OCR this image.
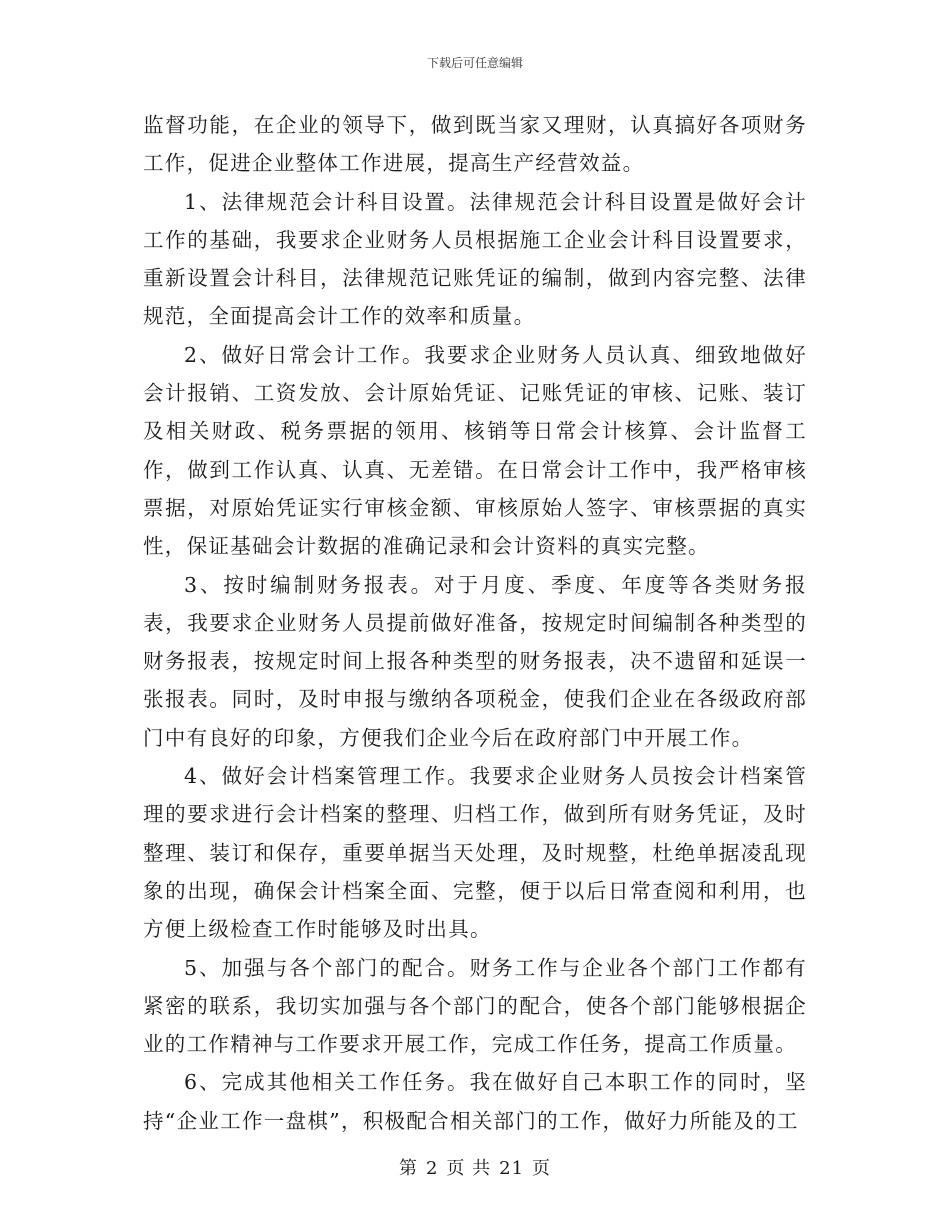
下载后可任意编辑

监督功能，在企业的领导下，做到既当家又理财，认真搞好各项财务工作，促进企业整体工作进展，提高生产经营效益。

1、法律规范会计科目设置。法律规范会计科目设置是做好会计工作的基础，我要求企业财务人员根据施工企业会计科目设置要求，重新设置会计科目，法律规范记账凭证的编制，做到内容完整、法律规范，全面提高会计工作的效率和质量。

2、做好日常会计工作。我要求企业财务人员认真、细致地做好会计报销、工资发放、会计原始凭证、记账凭证的审核、记账、装订及相关财政、税务票据的领用、核销等日常会计核算、会计监督工作，做到工作认真、认真、无差错。在日常会计工作中，我严格审核票据，对原始凭证实行审核金额、审核原始人签字、审核票据的真实性，保证基础会计数据的准确记录和会计资料的真实完整。

3、按时编制财务报表。对于月度、季度、年度等各类财务报表，我要求企业财务人员提前做好准备，按规定时间编制各种类型的财务报表，按规定时间上报各种类型的财务报表，决不遗留和延误一张报表。同时，及时申报与缴纳各项税金，使我们企业在各级政府部门中有良好的印象，方便我们企业今后在政府部门中开展工作。

4、做好会计档案管理工作。我要求企业财务人员按会计档案管理的要求进行会计档案的整理、归档工作，做到所有财务凭证，及时整理、装订和保存，重要单据当天处理，及时规整，杜绝单据凌乱现象的出现，确保会计档案全面、完整，便于以后日常查阅和利用，也方便上级检查工作时能够及时出具。

5、加强与各个部门的配合。财务工作与企业各个部门工作都有紧密的联系，我切实加强与各个部门的配合，使各个部门能够根据企业的工作精神与工作要求开展工作，完成工作任务，提高工作质量。

6、完成其他相关工作任务。我在做好自己本职工作的同时，坚持“企业工作一盘棋”，积极配合相关部门的工作，做好力所能及的工

第 2 页 共 21 页
